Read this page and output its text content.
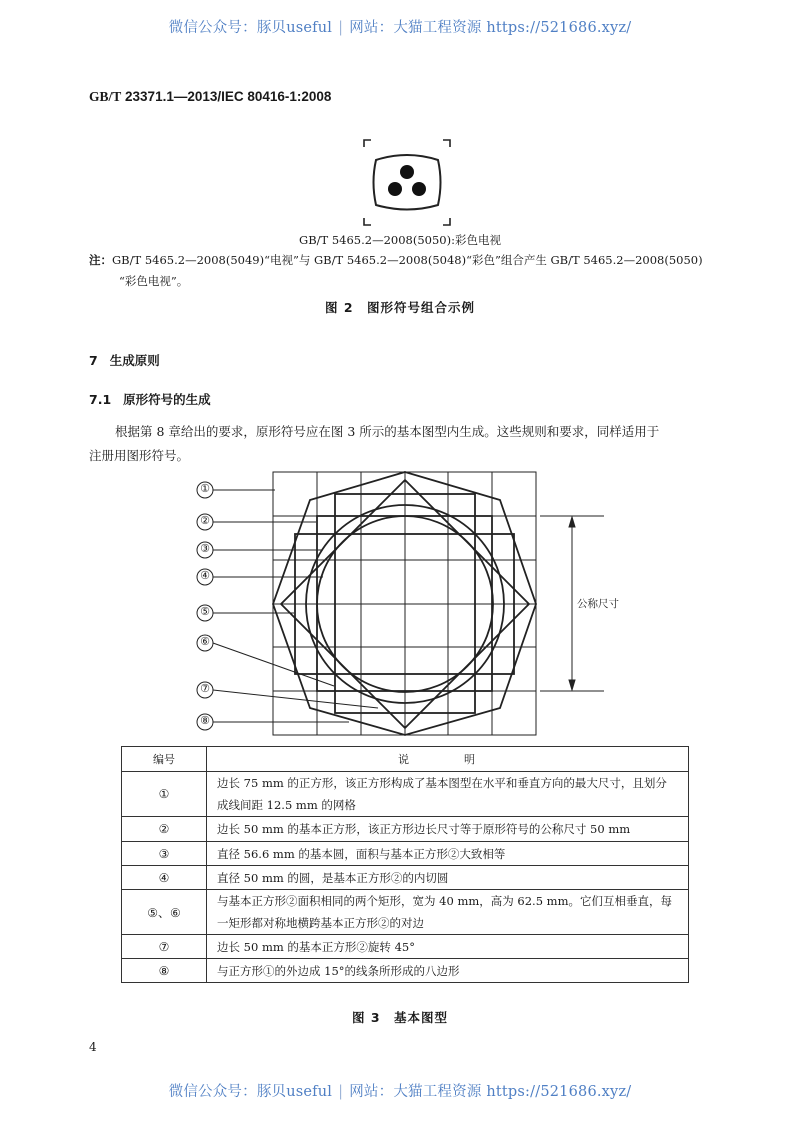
微信公众号：豚贝useful | 网站：大猫工程资源 https://521686.xyz/
GB/T 23371.1—2013/IEC 80416-1:2008
①
②
③
④
⑤
⑥
⑦
⑧
公称尺寸
GB/T 5465.2—2008(5050):彩色电视
注：GB/T 5465.2—2008(5049)“电视”与 GB/T 5465.2—2008(5048)“彩色”组合产生 GB/T 5465.2—2008(5050)
“彩色电视”。
图 2　图形符号组合示例
7 生成原则
7.1 原形符号的生成
根据第 8 章给出的要求，原形符号应在图 3 所示的基本图型内生成。这些规则和要求，同样适用于
注册用图形符号。
编号	说　明
①	边长 75 mm 的正方形，该正方形构成了基本图型在水平和垂直方向的最大尺寸，且划分成线间距 12.5 mm 的网格
②	边长 50 mm 的基本正方形，该正方形边长尺寸等于原形符号的公称尺寸 50 mm
③	直径 56.6 mm 的基本圆，面积与基本正方形②大致相等
④	直径 50 mm 的圆，是基本正方形②的内切圆
⑤、⑥	与基本正方形②面积相同的两个矩形，宽为 40 mm，高为 62.5 mm。它们互相垂直，每一矩形都对称地横跨基本正方形②的对边
⑦	边长 50 mm 的基本正方形②旋转 45°
⑧	与正方形①的外边成 15°的线条所形成的八边形
图 3　基本图型
4
微信公众号：豚贝useful | 网站：大猫工程资源 https://521686.xyz/
